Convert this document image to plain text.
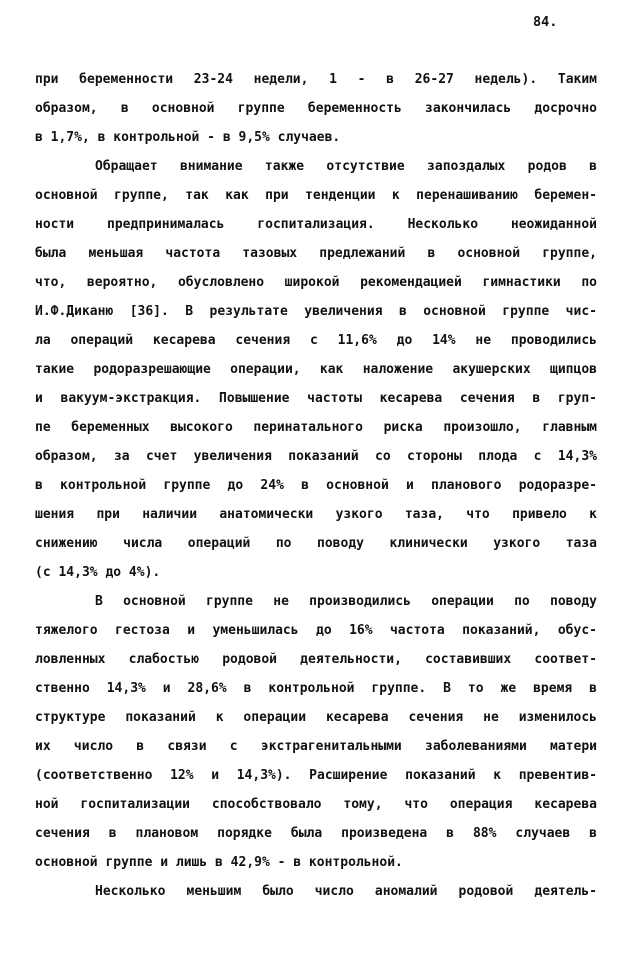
84.
при беременности 23-24 недели, 1 - в 26-27 недель). Таким
образом, в основной группе беременность закончилась досрочно
в 1,7%, в контрольной - в 9,5% случаев.
Обращает внимание также отсутствие запоздалых родов в
основной группе, так как при тенденции к перенашиванию беремен-
ности предпринималась госпитализация. Несколько неожиданной
была меньшая частота тазовых предлежаний в основной группе,
что, вероятно, обусловлено широкой рекомендацией гимнастики по
И.Ф.Диканю [36]. В результате увеличения в основной группе чис-
ла операций кесарева сечения с 11,6% до 14% не проводились
такие родоразрешающие операции, как наложение акушерских щипцов
и вакуум-экстракция. Повышение частоты кесарева сечения в груп-
пе беременных высокого перинатального риска произошло, главным
образом, за счет увеличения показаний со стороны плода с 14,3%
в контрольной группе до 24% в основной и планового родоразре-
шения при наличии анатомически узкого таза, что привело к
снижению числа операций по поводу клинически узкого таза
(с 14,3% до 4%).
В основной группе не производились операции по поводу
тяжелого гестоза и уменьшилась до 16% частота показаний, обус-
ловленных слабостью родовой деятельности, составивших соответ-
ственно 14,3% и 28,6% в контрольной группе. В то же время в
структуре показаний к операции кесарева сечения не изменилось
их число в связи с экстрагенитальными заболеваниями матери
(соответственно 12% и 14,3%). Расширение показаний к превентив-
ной госпитализации способствовало тому, что операция кесарева
сечения в плановом порядке была произведена в 88% случаев в
основной группе и лишь в 42,9% - в контрольной.
Несколько меньшим было число аномалий родовой деятель-
